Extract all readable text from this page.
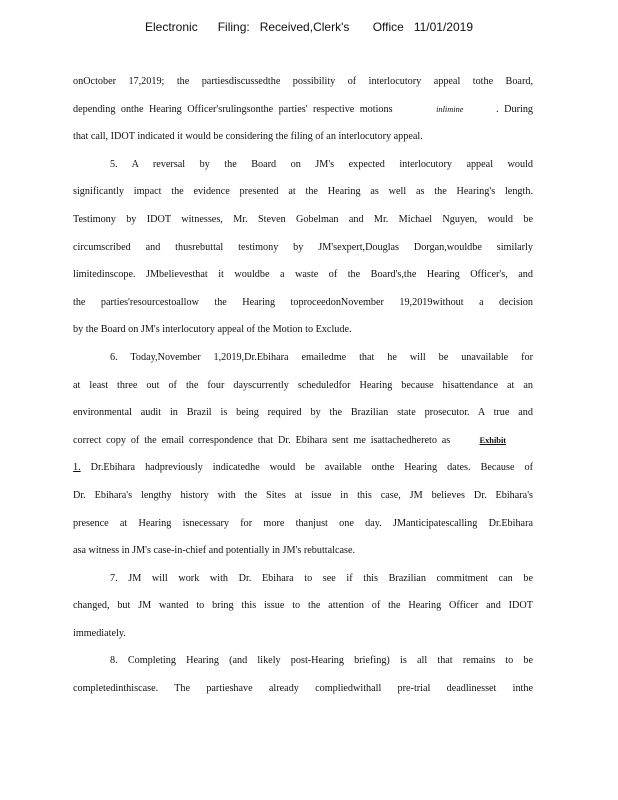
Electronic      Filing:   Received,Clerk's       Office   11/01/2019
onOctober 17,2019; the partiesdiscussedthe possibility of interlocutory appeal tothe Board,
depending onthe Hearing Officer'srulingsonthe parties' respective motions	inlimine	. During
that call, IDOT indicated it would be considering the filing of an interlocutory appeal.
5. A reversal by the Board on JM's expected interlocutory appeal would
significantly impact the evidence presented at the Hearing as well as the Hearing's length.
Testimony by IDOT witnesses, Mr. Steven Gobelman and Mr. Michael Nguyen, would be
circumscribed and thusrebuttal testimony by JM'sexpert,Douglas Dorgan,wouldbe similarly
limitedinscope. JMbelievesthat it wouldbe a waste of the Board's,the Hearing Officer's, and
the parties'resourcestoallow the Hearing toproceedonNovember 19,2019without a decision
by the Board on JM's interlocutory appeal of the Motion to Exclude.
6. Today,November 1,2019,Dr.Ebihara emailedme that he will be unavailable for
at least three out of the four dayscurrently scheduledfor Hearing because hisattendance at an
environmental audit in Brazil is being required by the Brazilian state prosecutor. A true and
correct copy of the email correspondence that Dr. Ebihara sent me isattachedhereto as	Exhibit
1. Dr.Ebihara hadpreviously indicatedhe would be available onthe Hearing dates. Because of
Dr. Ebihara's lengthy history with the Sites at issue in this case, JM believes Dr. Ebihara's
presence at Hearing isnecessary for more thanjust one day. JManticipatescalling Dr.Ebihara
asa witness in JM's case-in-chief and potentially in JM's rebuttalcase.
7. JM will work with Dr. Ebihara to see if this Brazilian commitment can be
changed, but JM wanted to bring this issue to the attention of the Hearing Officer and IDOT
immediately.
8. Completing Hearing (and likely post-Hearing briefing) is all that remains to be
completedinthiscase. The partieshave already compliedwithall pre-trial deadlinesset inthe
